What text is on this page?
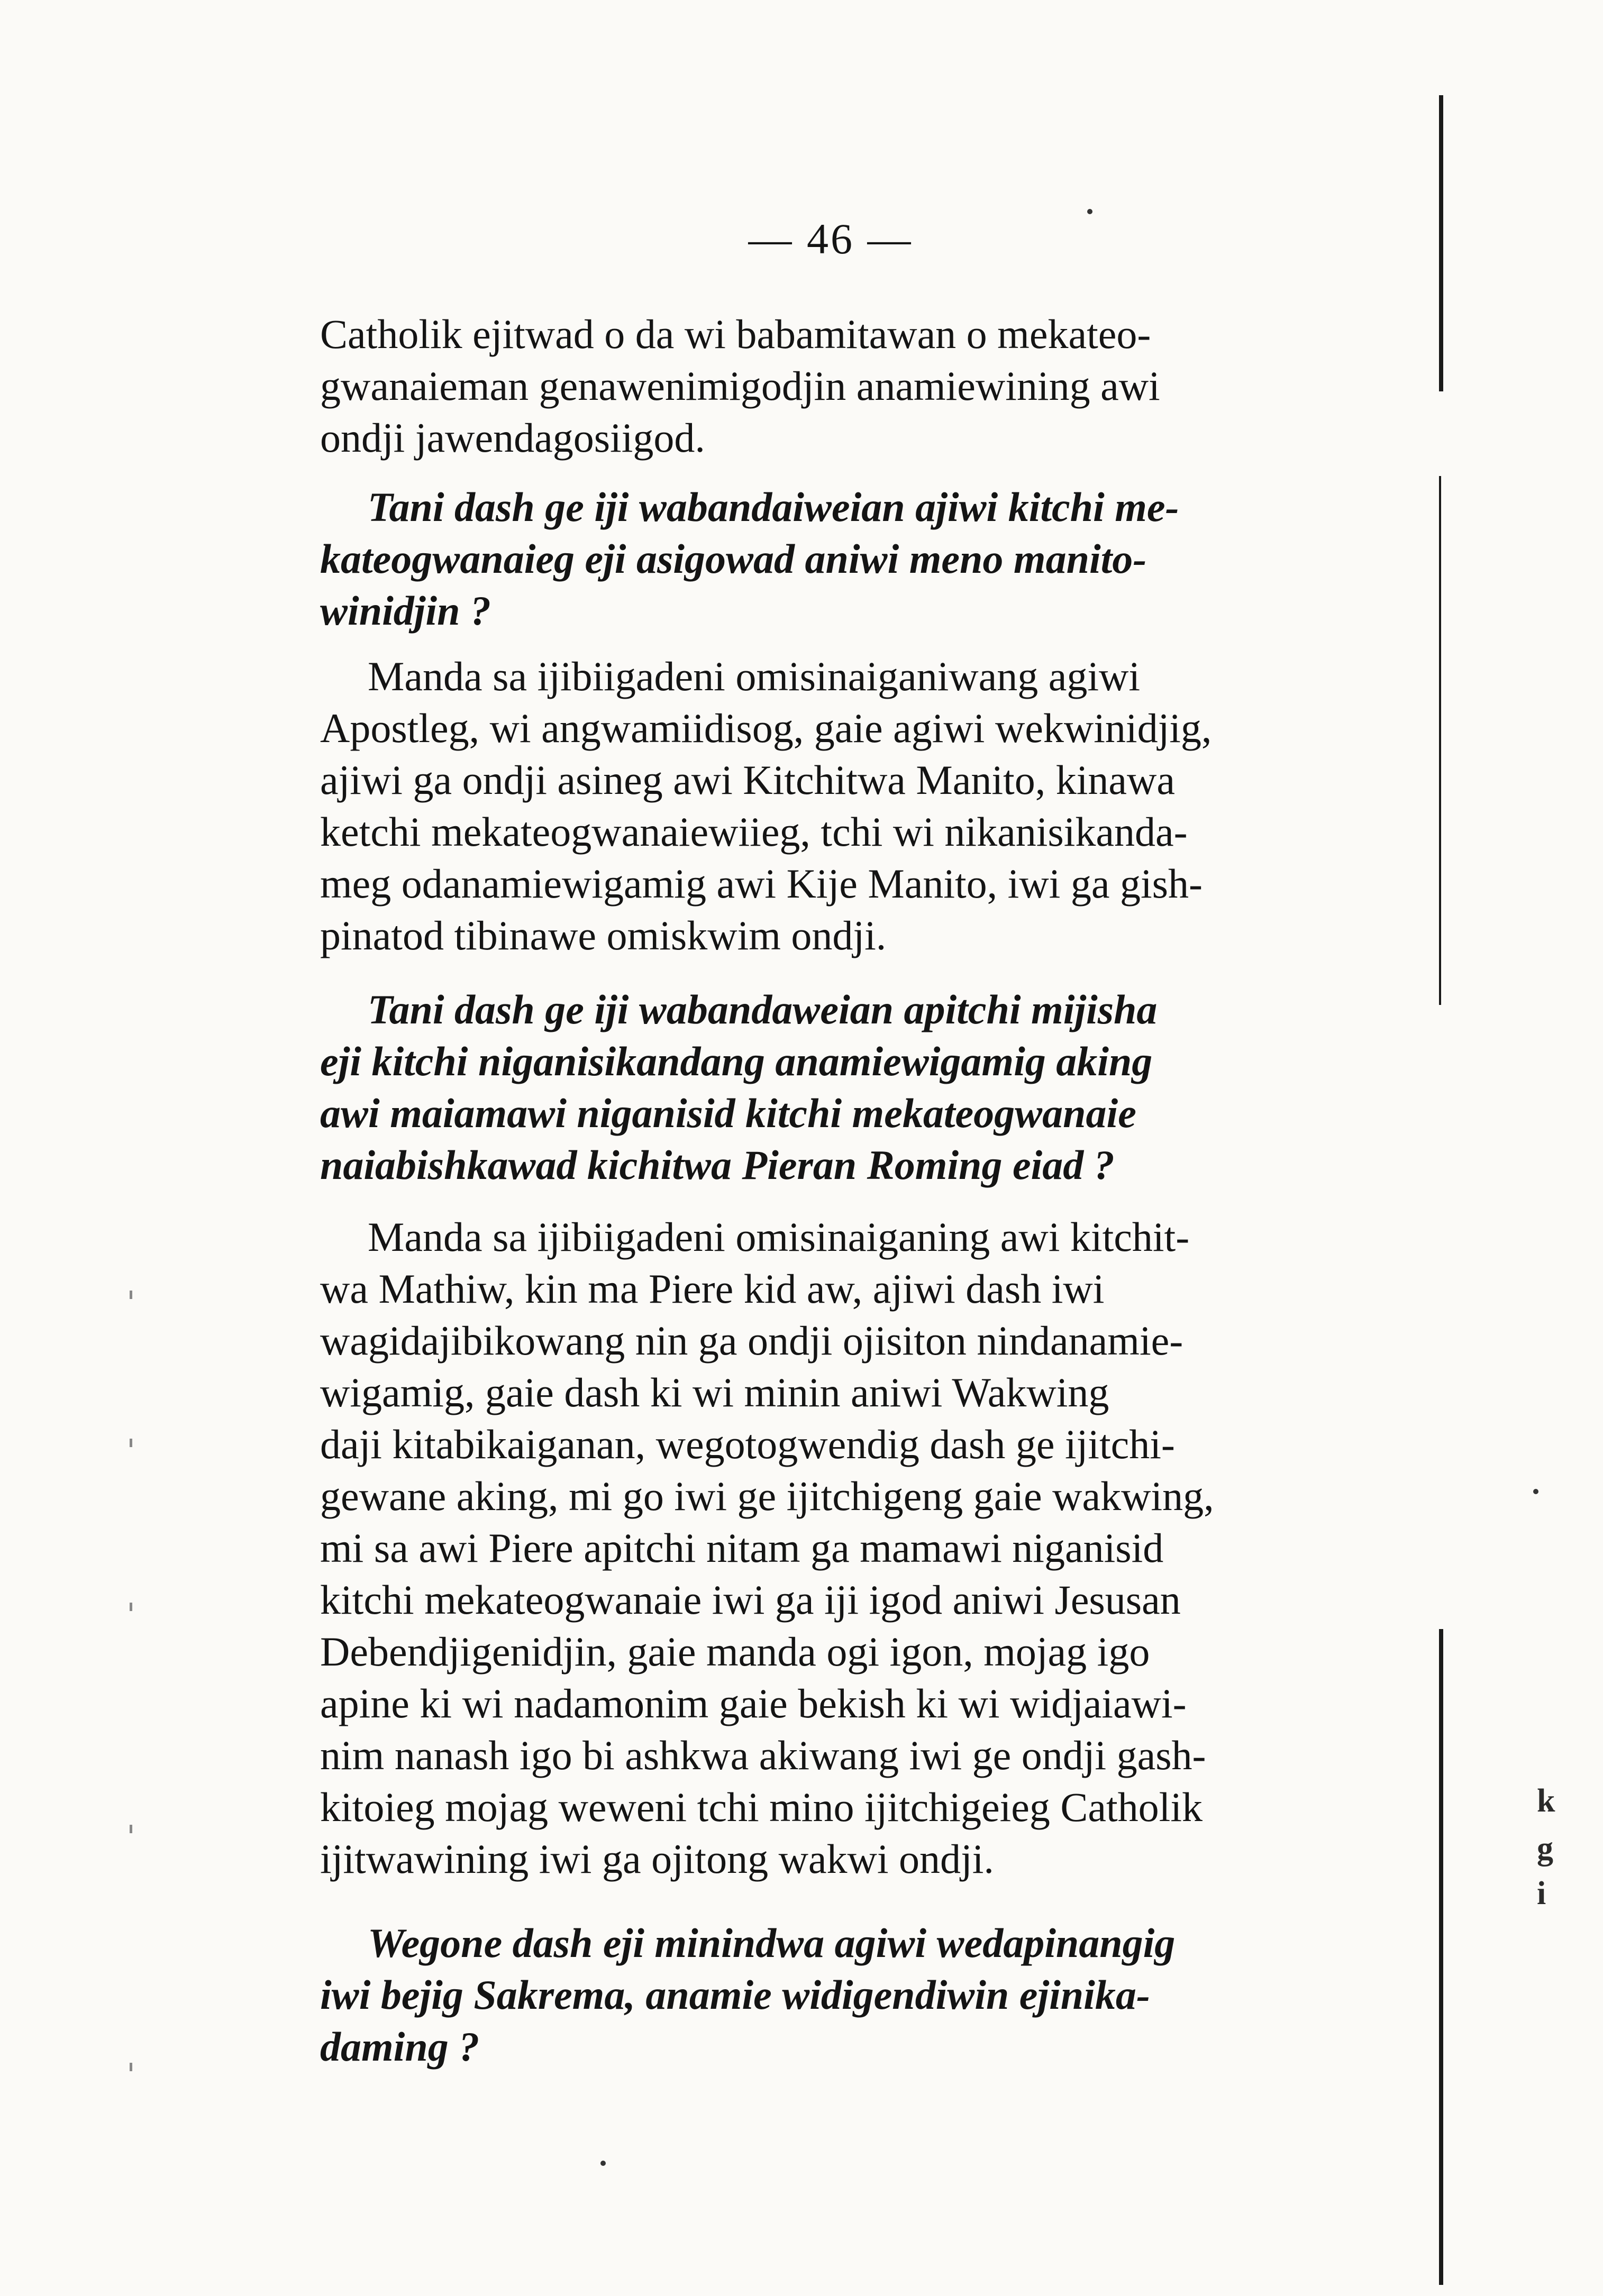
— 46 —
Catholik ejitwad o da wi babamitawan o mekateo-
gwanaieman genawenimigodjin anamiewining awi
ondji jawendagosiigod.
Tani dash ge iji wabandaiweian ajiwi kitchi me-
kateogwanaieg eji asigowad aniwi meno manito-
winidjin ?
Manda sa ijibiigadeni omisinaiganiwang agiwi
Apostleg, wi angwamiidisog, gaie agiwi wekwinidjig,
ajiwi ga ondji asineg awi Kitchitwa Manito, kinawa
ketchi mekateogwanaiewiieg, tchi wi nikanisikanda-
meg odanamiewigamig awi Kije Manito, iwi ga gish-
pinatod tibinawe omiskwim ondji.
Tani dash ge iji wabandaweian apitchi mijisha
eji kitchi niganisikandang anamiewigamig aking
awi maiamawi niganisid kitchi mekateogwanaie
naiabishkawad kichitwa Pieran Roming eiad ?
Manda sa ijibiigadeni omisinaiganing awi kitchit-
wa Mathiw, kin ma Piere kid aw, ajiwi dash iwi
wagidajibikowang nin ga ondji ojisiton nindanamie-
wigamig, gaie dash ki wi minin aniwi Wakwing
daji kitabikaiganan, wegotogwendig dash ge ijitchi-
gewane aking, mi go iwi ge ijitchigeng gaie wakwing,
mi sa awi Piere apitchi nitam ga mamawi niganisid
kitchi mekateogwanaie iwi ga iji igod aniwi Jesusan
Debendjigenidjin, gaie manda ogi igon, mojag igo
apine ki wi nadamonim gaie bekish ki wi widjaiawi-
nim nanash igo bi ashkwa akiwang iwi ge ondji gash-
kitoieg mojag weweni tchi mino ijitchigeieg Catholik
ijitwawining iwi ga ojitong wakwi ondji.
Wegone dash eji minindwa agiwi wedapinangig
iwi bejig Sakrema, anamie widigendiwin ejinika-
daming ?
k
g
i
